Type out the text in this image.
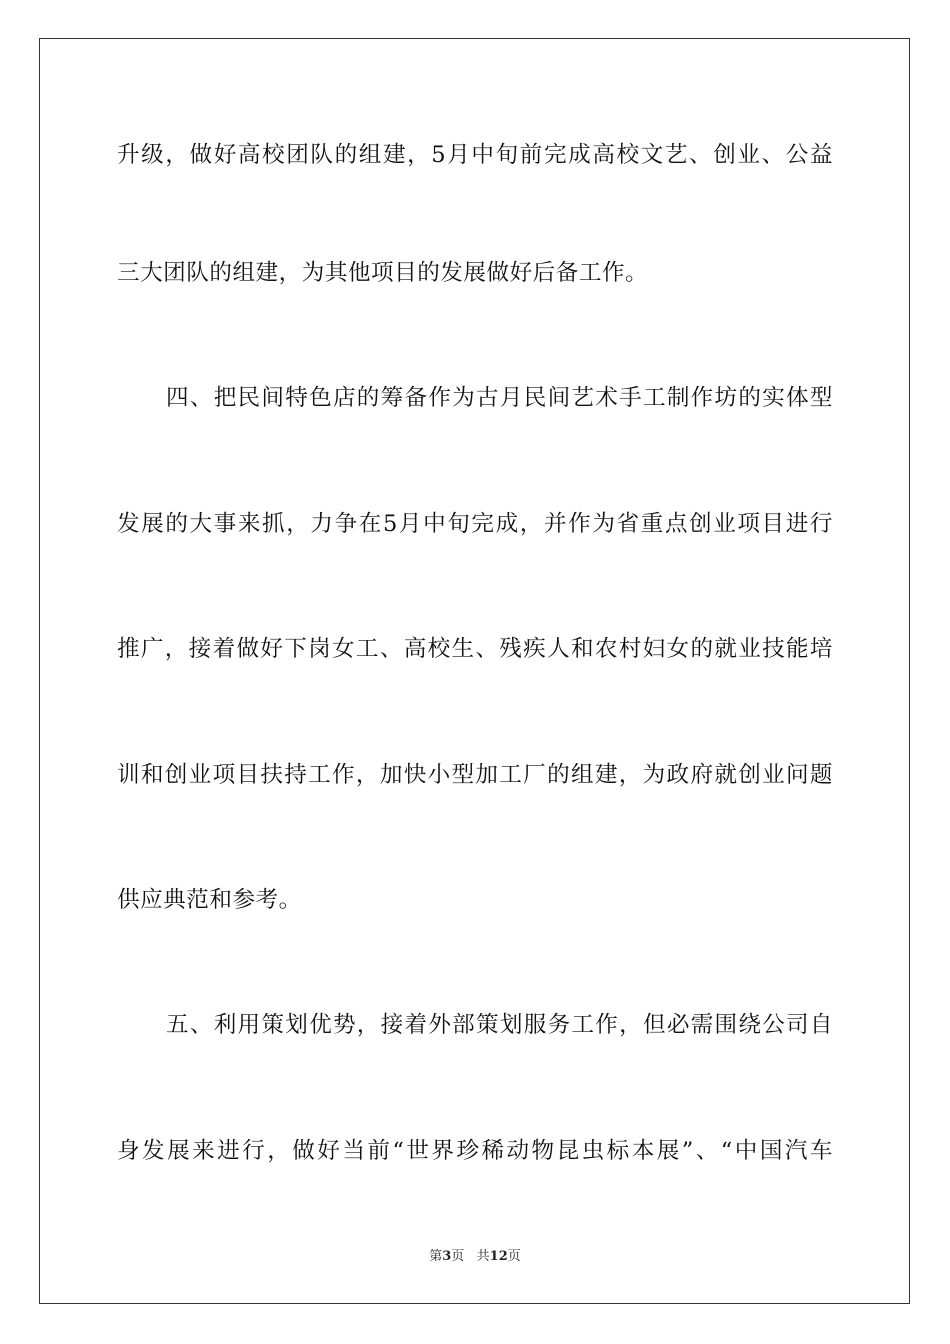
升级，做好高校团队的组建，5月中旬前完成高校文艺、创业、公益
三大团队的组建，为其他项目的发展做好后备工作。
四、把民间特色店的筹备作为古月民间艺术手工制作坊的实体型
发展的大事来抓，力争在5月中旬完成，并作为省重点创业项目进行
推广，接着做好下岗女工、高校生、残疾人和农村妇女的就业技能培
训和创业项目扶持工作，加快小型加工厂的组建，为政府就创业问题
供应典范和参考。
五、利用策划优势，接着外部策划服务工作，但必需围绕公司自
身发展来进行，做好当前“世界珍稀动物昆虫标本展”、“中国汽车
第3页   共12页
